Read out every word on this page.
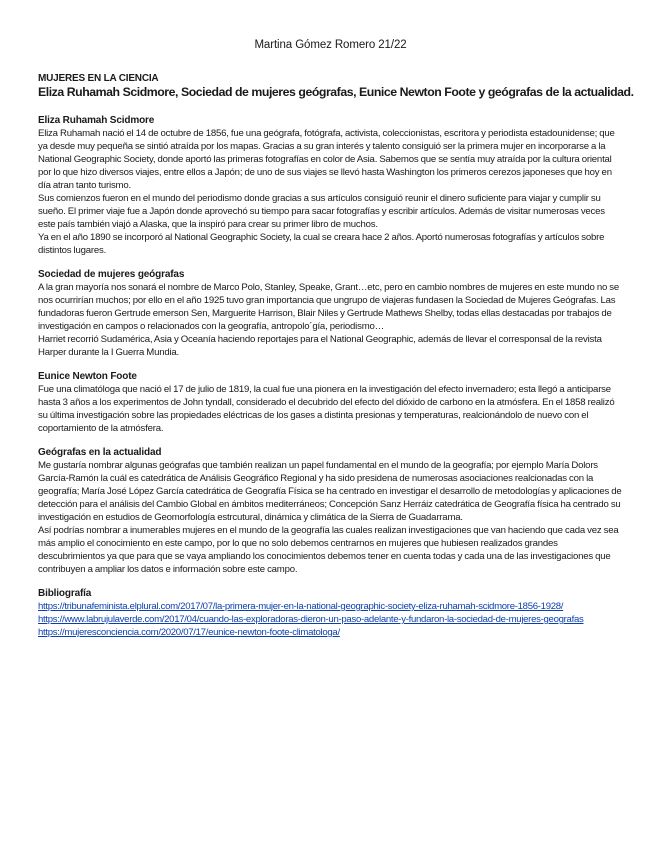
Martina Gómez Romero 21/22
MUJERES EN LA CIENCIA
Eliza Ruhamah Scidmore, Sociedad de mujeres geógrafas, Eunice Newton Foote y geógrafas de la actualidad.
Eliza Ruhamah Scidmore

Eliza Ruhamah nació el 14 de octubre de 1856, fue una geógrafa, fotógrafa, activista, coleccionistas, escritora y periodista estadounidense; que ya desde muy pequeña se sintió atraída por los mapas. Gracias a su gran interés y talento consiguió ser la primera mujer en incorporarse a la National Geographic Society, donde aportó las primeras fotografías en color de Asia. Sabemos que se sentía muy atraída por la cultura oriental por lo que hizo diversos viajes, entre ellos a Japón; de uno de sus viajes se llevó hasta Washington los primeros cerezos japoneses que hoy en día atran tanto turismo.

Sus comienzos fueron en el mundo del periodismo donde gracias a sus artículos consiguió reunir el dinero suficiente para viajar y cumplir su sueño. El primer viaje fue a Japón donde aprovechó su tiempo para sacar fotografías y escribir artículos. Además de visitar numerosas veces este país también viajó a Alaska, que la inspiró para crear su primer libro de muchos.

Ya en el año 1890 se incorporó al National Geographic Society, la cual se creara hace 2 años. Aportó numerosas fotografías y artículos sobre distintos lugares.

Sociedad de mujeres geógrafas

A la gran mayoría nos sonará el nombre de Marco Polo, Stanley, Speake, Grant…etc, pero en cambio nombres de mujeres en este mundo no se nos ocurrirían muchos; por ello en el año 1925 tuvo gran importancia que ungrupo de viajeras fundasen la Sociedad de Mujeres Geógrafas. Las fundadoras fueron Gertrude emerson Sen, Marguerite Harrison, Blair Niles y Gertrude Mathews Shelby, todas ellas destacadas por trabajos de investigación en campos o relacionados con la geografía, antropolo´gía, periodismo…

Harriet recorrió Sudamérica, Asia y Oceanía haciendo reportajes para el National Geographic, además de llevar el corresponsal de la revista Harper durante la I Guerra Mundia.

Eunice Newton Foote

Fue una climatóloga que nació el 17 de julio de 1819, la cual fue una pionera en la investigación del efecto invernadero; esta llegó a anticiparse hasta 3 años a los experimentos de John tyndall, considerado el decubrido del efecto del dióxido de carbono en la atmósfera. En el 1858 realizó su última investigación sobre las propiedades eléctricas de los gases a distinta presionas y temperaturas, realcionándolo de nuevo con el coportamiento de la atmósfera.

Geógrafas en la actualidad

Me gustaría nombrar algunas geógrafas que también realizan un papel fundamental en el mundo de la geografía; por ejemplo María Dolors García-Ramón la cuál es catedrática de Análisis Geográfico Regional y ha sido presidena de numerosas asociaciones realcionadas con la geografía; María José López García catedrática de Geografía Física se ha centrado en investigar el desarrollo de metodologías y aplicaciones de detección para el análisis del Cambio Global en ámbitos mediterráneos; Concepción Sanz Herráiz catedrática de Geografía física ha centrado su investigación en estudios de Geomorfología estrcutural, dinámica y climática de la Sierra de Guadarrama.

Así podrías nombrar a inumerables mujeres en el mundo de la geografía las cuales realizan investigaciones que van haciendo que cada vez sea más amplio el conocimiento en este campo, por lo que no solo debemos centrarnos en mujeres que hubiesen realizados grandes descubrimientos ya que para que se vaya ampliando los conocimientos debemos tener en cuenta todas y cada una de las investigaciones que contribuyen a ampliar los datos e información sobre este campo.

Bibliografía
https://tribunafeminista.elplural.com/2017/07/la-primera-mujer-en-la-national-geographic-society-eliza-ruhamah-scidmore-1856-1928/
https://www.labrujulaverde.com/2017/04/cuando-las-exploradoras-dieron-un-paso-adelante-y-fundaron-la-sociedad-de-mujeres-geografas
https://mujeresconciencia.com/2020/07/17/eunice-newton-foote-climatologa/
